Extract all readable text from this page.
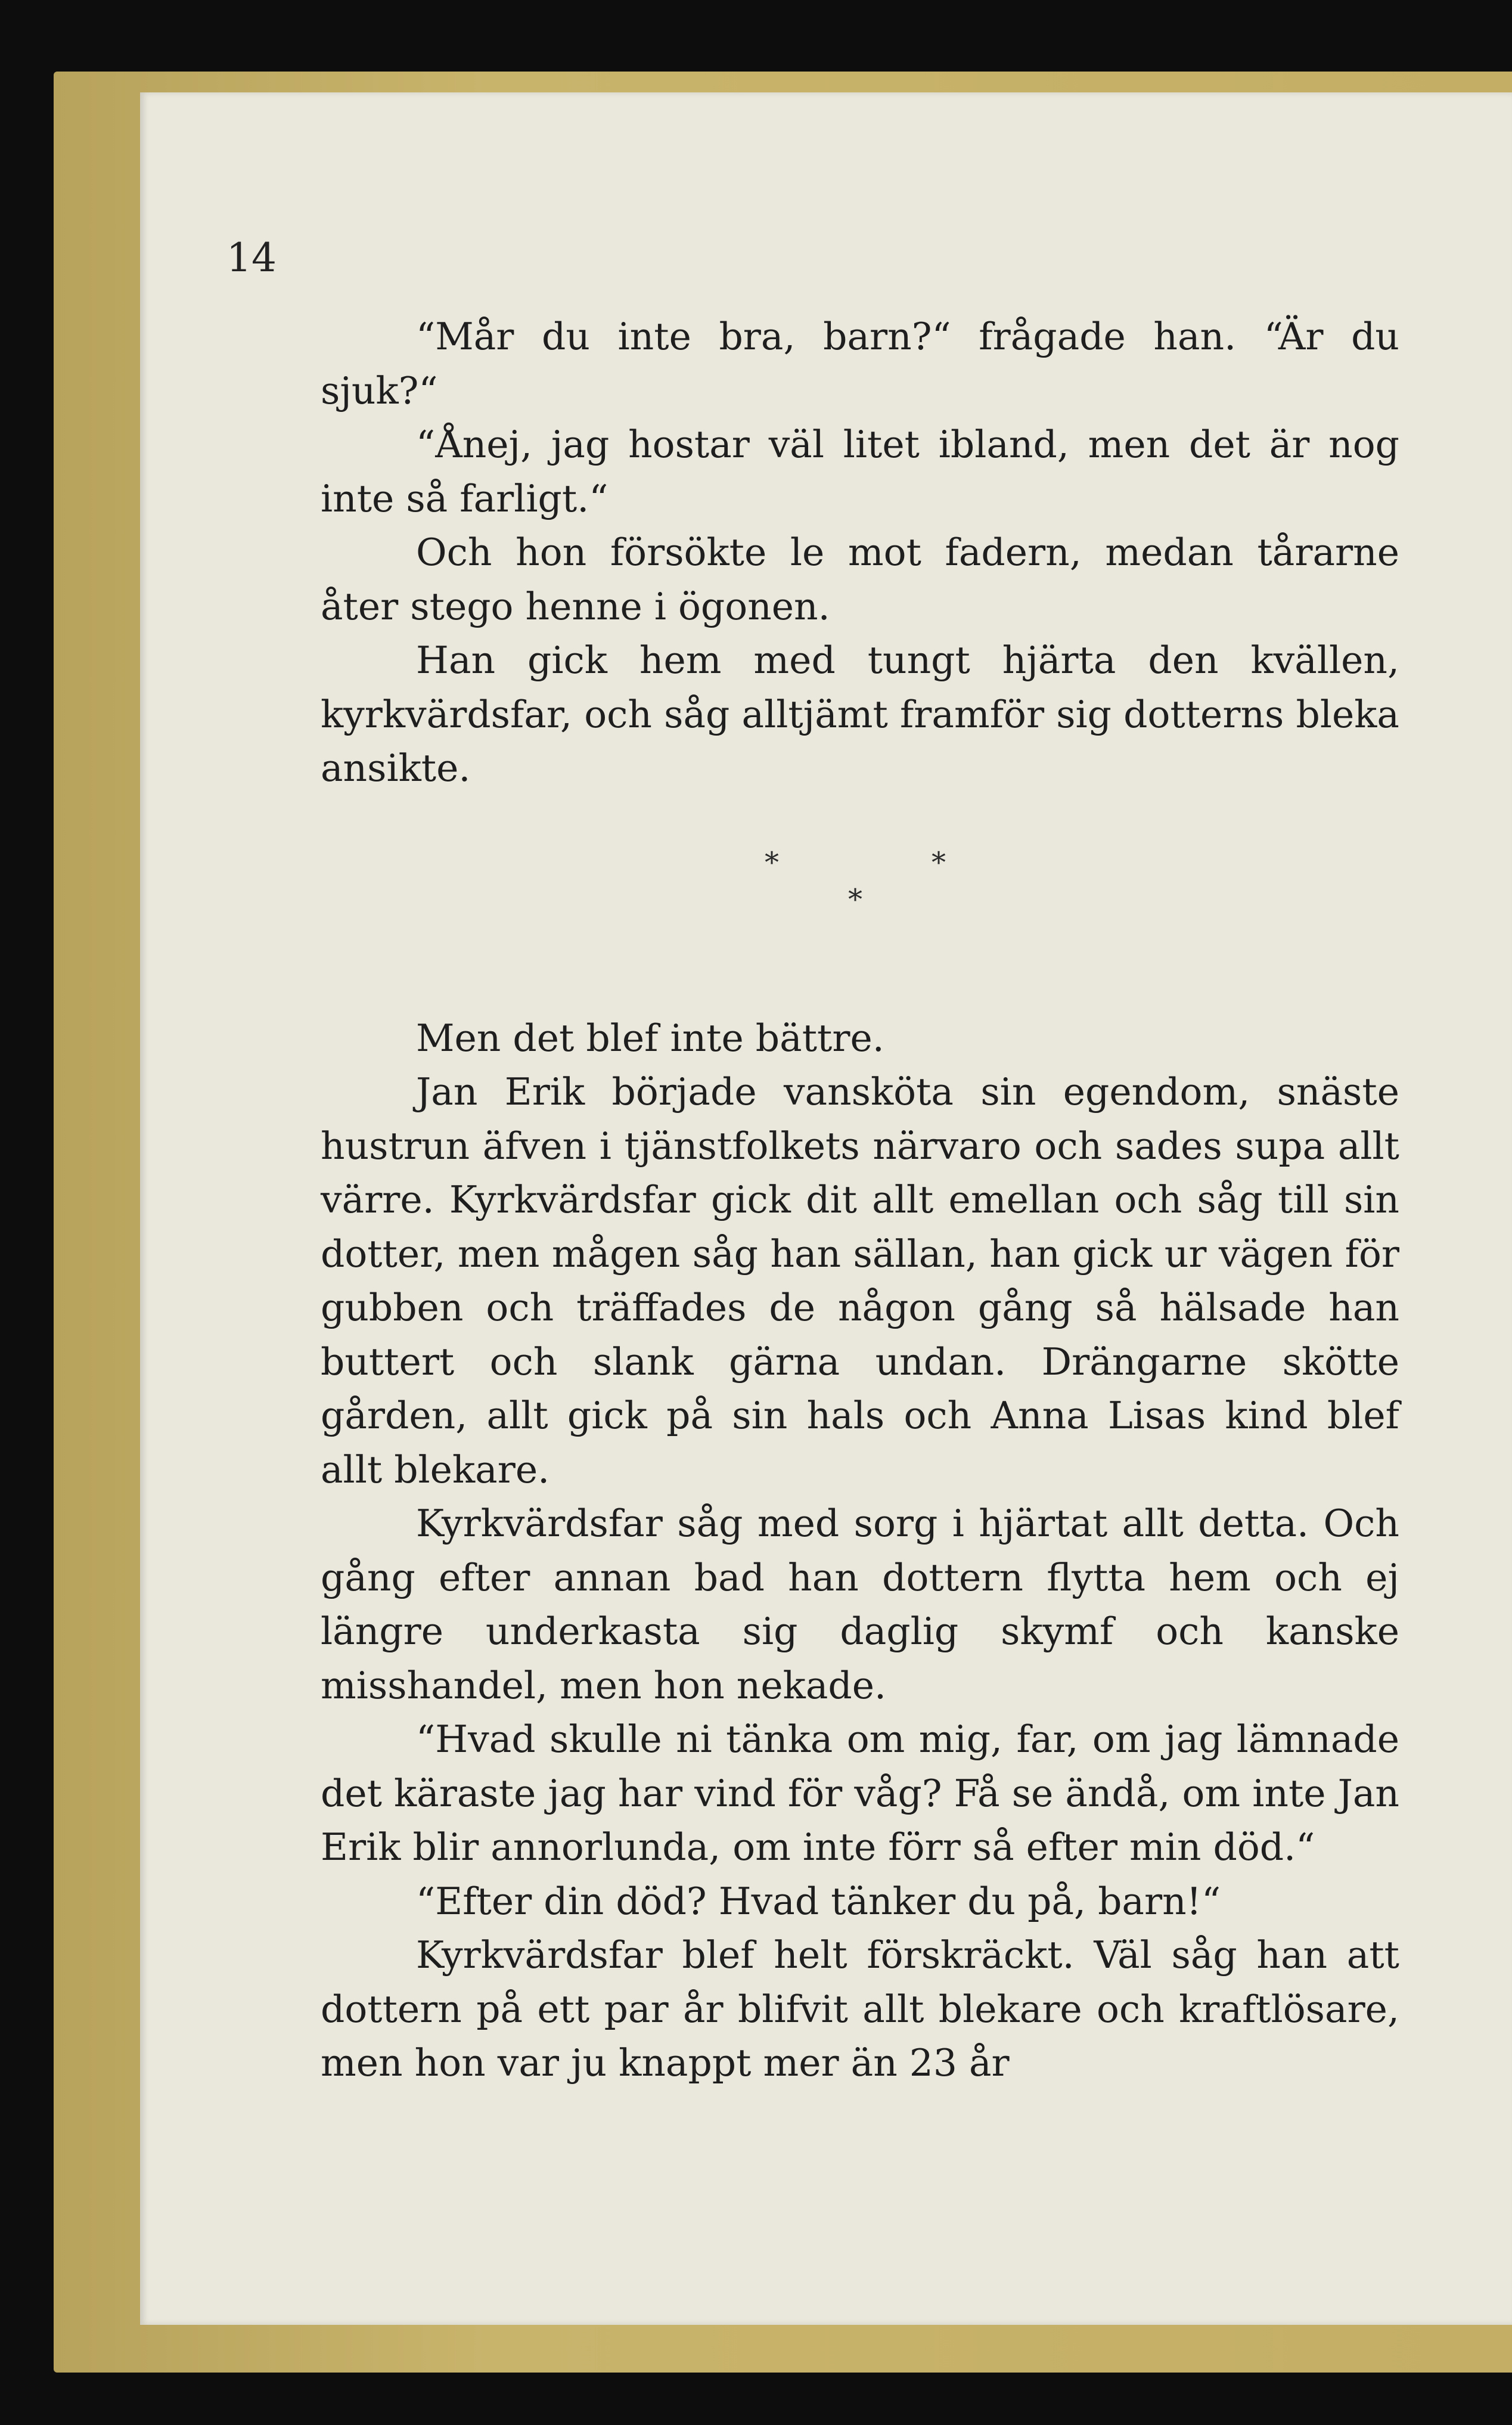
14

“Mår du inte bra, barn?“ frågade han. “Är du sjuk?“

“Ånej, jag hostar väl litet ibland, men det är nog inte så farligt.“

Och hon försökte le mot fadern, medan tårarne åter stego henne i ögonen.

Han gick hem med tungt hjärta den kvällen, kyrkvärdsfar, och såg alltjämt framför sig dotterns bleka ansikte.

*	*
*

Men det blef inte bättre.

Jan Erik började vansköta sin egendom, snäste hustrun äfven i tjänstfolkets närvaro och sades supa allt värre. Kyrkvärdsfar gick dit allt emellan och såg till sin dotter, men mågen såg han sällan, han gick ur vägen för gubben och träffades de någon gång så hälsade han buttert och slank gärna undan. Drängarne skötte gården, allt gick på sin hals och Anna Lisas kind blef allt blekare.

Kyrkvärdsfar såg med sorg i hjärtat allt detta. Och gång efter annan bad han dottern flytta hem och ej längre underkasta sig daglig skymf och kanske misshandel, men hon nekade.

“Hvad skulle ni tänka om mig, far, om jag lämnade det käraste jag har vind för våg? Få se ändå, om inte Jan Erik blir annorlunda, om inte förr så efter min död.“

“Efter din död? Hvad tänker du på, barn!“

Kyrkvärdsfar blef helt förskräckt. Väl såg han att dottern på ett par år blifvit allt blekare och kraftlösare, men hon var ju knappt mer än 23 år
